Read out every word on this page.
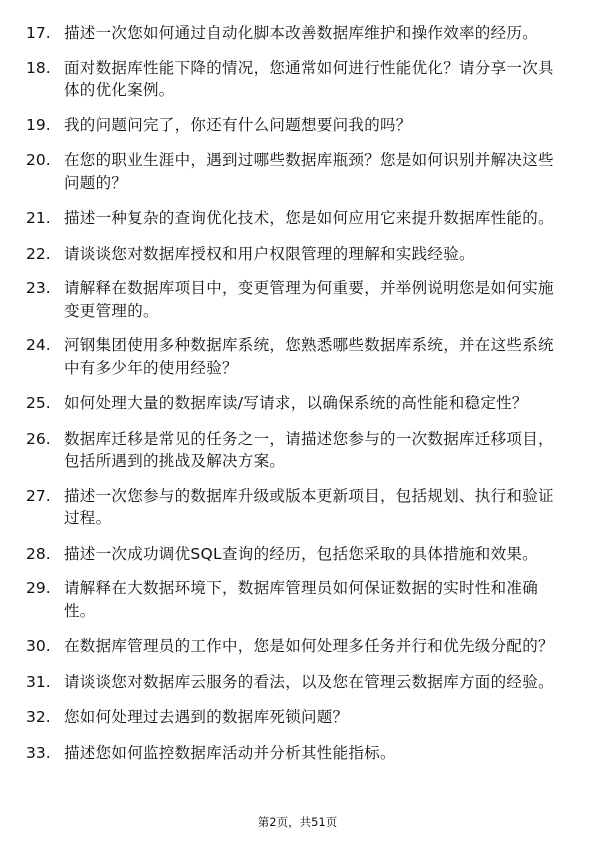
17. 描述一次您如何通过自动化脚本改善数据库维护和操作效率的经历。
18. 面对数据库性能下降的情况，您通常如何进行性能优化？请分享一次具体的优化案例。
19. 我的问题问完了，你还有什么问题想要问我的吗？
20. 在您的职业生涯中，遇到过哪些数据库瓶颈？您是如何识别并解决这些问题的？
21. 描述一种复杂的查询优化技术，您是如何应用它来提升数据库性能的。
22. 请谈谈您对数据库授权和用户权限管理的理解和实践经验。
23. 请解释在数据库项目中，变更管理为何重要，并举例说明您是如何实施变更管理的。
24. 河钢集团使用多种数据库系统，您熟悉哪些数据库系统，并在这些系统中有多少年的使用经验？
25. 如何处理大量的数据库读/写请求，以确保系统的高性能和稳定性？
26. 数据库迁移是常见的任务之一，请描述您参与的一次数据库迁移项目，包括所遇到的挑战及解决方案。
27. 描述一次您参与的数据库升级或版本更新项目，包括规划、执行和验证过程。
28. 描述一次成功调优SQL查询的经历，包括您采取的具体措施和效果。
29. 请解释在大数据环境下，数据库管理员如何保证数据的实时性和准确性。
30. 在数据库管理员的工作中，您是如何处理多任务并行和优先级分配的？
31. 请谈谈您对数据库云服务的看法，以及您在管理云数据库方面的经验。
32. 您如何处理过去遇到的数据库死锁问题？
33. 描述您如何监控数据库活动并分析其性能指标。
第2页，共51页
